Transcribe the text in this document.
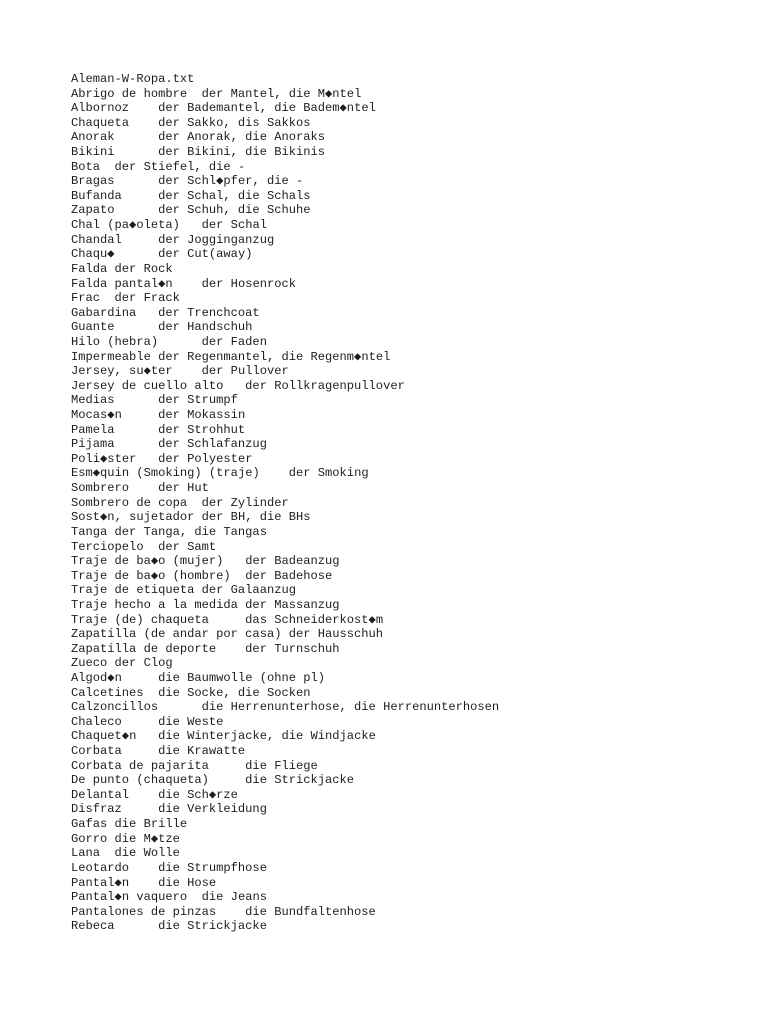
Aleman-W-Ropa.txt
Abrigo de hombre  der Mantel, die M◆ntel
Albornoz    der Bademantel, die Badem◆ntel
Chaqueta    der Sakko, dis Sakkos
Anorak      der Anorak, die Anoraks
Bikini      der Bikini, die Bikinis
Bota  der Stiefel, die -
Bragas      der Schl◆pfer, die -
Bufanda     der Schal, die Schals
Zapato      der Schuh, die Schuhe
Chal (pa◆oleta)   der Schal
Chandal     der Jogginganzug
Chaqu◆      der Cut(away)
Falda der Rock
Falda pantal◆n    der Hosenrock
Frac  der Frack
Gabardina   der Trenchcoat
Guante      der Handschuh
Hilo (hebra)      der Faden
Impermeable der Regenmantel, die Regenm◆ntel
Jersey, su◆ter    der Pullover
Jersey de cuello alto   der Rollkragenpullover
Medias      der Strumpf
Mocas◆n     der Mokassin
Pamela      der Strohhut
Pijama      der Schlafanzug
Poli◆ster   der Polyester
Esm◆quin (Smoking) (traje)    der Smoking
Sombrero    der Hut
Sombrero de copa  der Zylinder
Sost◆n, sujetador der BH, die BHs
Tanga der Tanga, die Tangas
Terciopelo  der Samt
Traje de ba◆o (mujer)   der Badeanzug
Traje de ba◆o (hombre)  der Badehose
Traje de etiqueta der Galaanzug
Traje hecho a la medida der Massanzug
Traje (de) chaqueta     das Schneiderkost◆m
Zapatilla (de andar por casa) der Hausschuh
Zapatilla de deporte    der Turnschuh
Zueco der Clog
Algod◆n     die Baumwolle (ohne pl)
Calcetines  die Socke, die Socken
Calzoncillos      die Herrenunterhose, die Herrenunterhosen
Chaleco     die Weste
Chaquet◆n   die Winterjacke, die Windjacke
Corbata     die Krawatte
Corbata de pajarita     die Fliege
De punto (chaqueta)     die Strickjacke
Delantal    die Sch◆rze
Disfraz     die Verkleidung
Gafas die Brille
Gorro die M◆tze
Lana  die Wolle
Leotardo    die Strumpfhose
Pantal◆n    die Hose
Pantal◆n vaquero  die Jeans
Pantalones de pinzas    die Bundfaltenhose
Rebeca      die Strickjacke
